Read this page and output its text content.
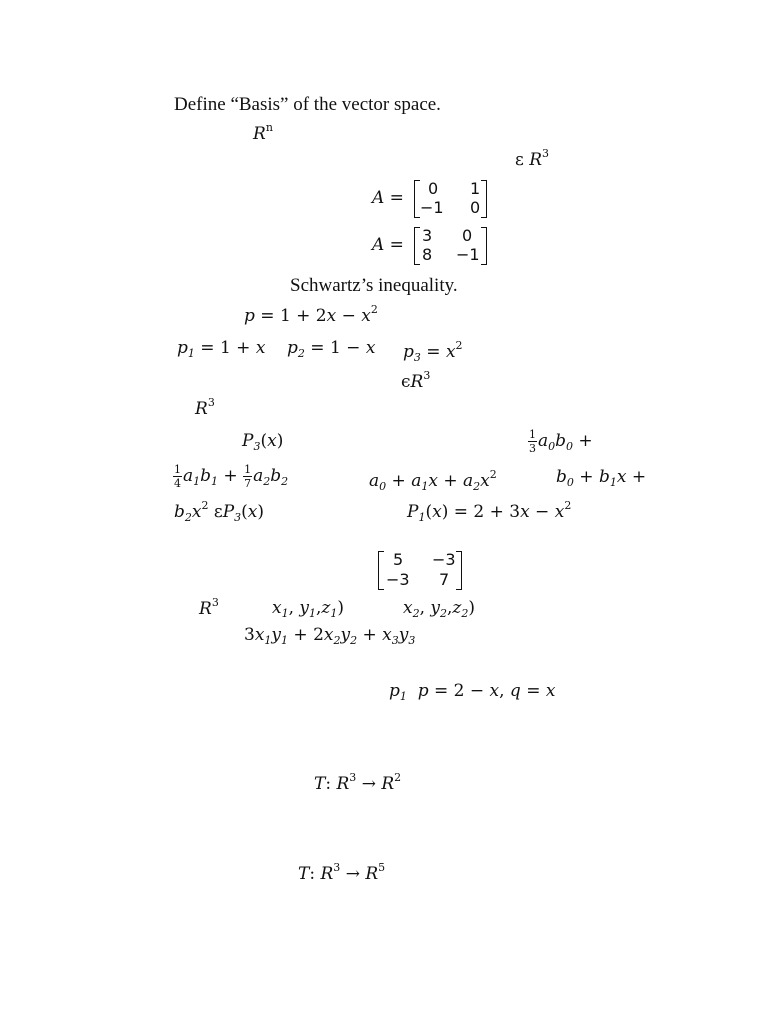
Define “Basis” of the vector space.
$R^n$
ε $R^3$
A = 0 1
−1 0
A = 3 0
8 −1
Schwartz’s inequality.
$p = 1 + 2x - x^2$
$p_1 = 1 + x$ $p_2 = 1 - x$ $p_3 = x^2$
$\epsilon R^3$
$R^3$
$P_3(x)$	$\frac{1}{3} a_0b_0$ +
$\frac{1}{4} a_1b_1 + \frac{1}{7} a_2b_2$	$a_0 + a_1x + a_2x^2$	$b_0 + b_1x$ +
$b_2x^2$ $\varepsilon P_3(x)$	$P_1(x) = 2 + 3x - x^2$
5 −3
−3 7
$R^3$	$x_1$, $y_1,z_1$)	$x_2$, $y_2,z_2$)
$3x_1y_1 + 2x_2y_2 + x_3y_3$
$p_1$ p = 2 − x, q = x
T: $R^3 \to R^2$
T: $R^3 \to R^5$
